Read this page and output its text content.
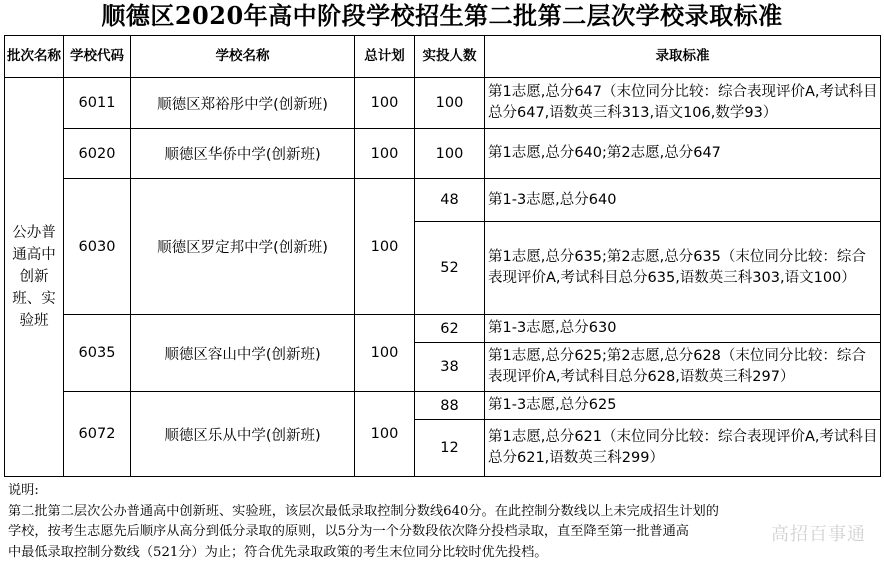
顺德区2020年高中阶段学校招生第二批第二层次学校录取标准
批次名称	学校代码	学校名称	总计划	实投人数	录取标准
公办普通高中创新班、实验班	6011	顺德区郑裕彤中学(创新班)	100	100	第1志愿,总分647（末位同分比较：综合表现评价A,考试科目总分647,语数英三科313,语文106,数学93）
	6020	顺德区华侨中学(创新班)	100	100	第1志愿,总分640;第2志愿,总分647
	6030	顺德区罗定邦中学(创新班)	100	48	第1-3志愿,总分640
				52	第1志愿,总分635;第2志愿,总分635（末位同分比较：综合表现评价A,考试科目总分635,语数英三科303,语文100）
	6035	顺德区容山中学(创新班)	100	62	第1-3志愿,总分630
				38	第1志愿,总分625;第2志愿,总分628（末位同分比较：综合表现评价A,考试科目总分628,语数英三科297）
	6072	顺德区乐从中学(创新班)	100	88	第1-3志愿,总分625
				12	第1志愿,总分621（末位同分比较：综合表现评价A,考试科目总分621,语数英三科299）
说明:
第二批第二层次公办普通高中创新班、实验班，该层次最低录取控制分数线640分。在此控制分数线以上未完成招生计划的
学校，按考生志愿先后顺序从高分到低分录取的原则，以5分为一个分数段依次降分投档录取，直至降至第一批普通高
中最低录取控制分数线（521分）为止；符合优先录取政策的考生末位同分比较时优先投档。
高招百事通
